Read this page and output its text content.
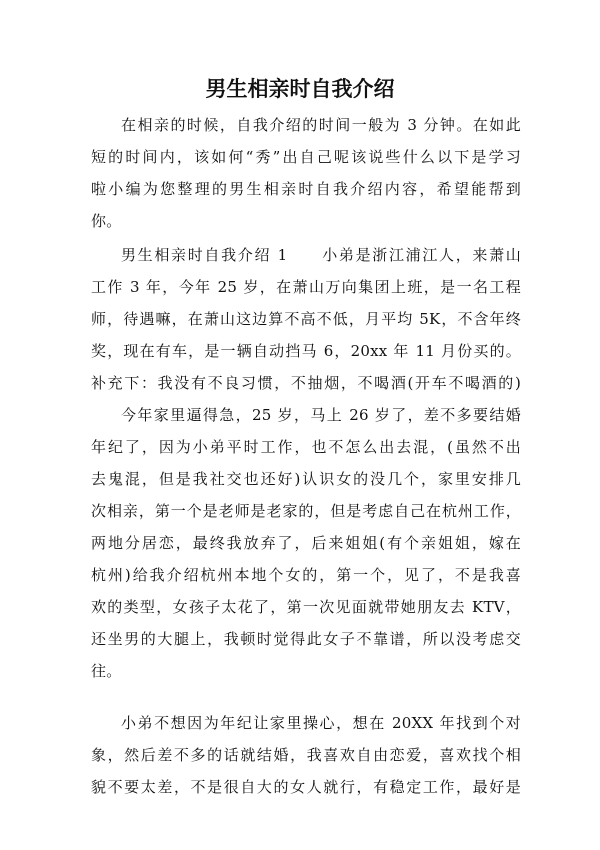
男生相亲时自我介绍
在相亲的时候，自我介绍的时间一般为 3 分钟。在如此
短的时间内，该如何“秀”出自己呢该说些什么以下是学习
啦小编为您整理的男生相亲时自我介绍内容，希望能帮到
你。
男生相亲时自我介绍 1　　小弟是浙江浦江人，来萧山
工作 3 年，今年 25 岁，在萧山万向集团上班，是一名工程
师，待遇嘛，在萧山这边算不高不低，月平均 5K，不含年终
奖，现在有车，是一辆自动挡马 6，20xx 年 11 月份买的。
补充下：我没有不良习惯，不抽烟，不喝酒(开车不喝酒的)
今年家里逼得急，25 岁，马上 26 岁了，差不多要结婚
年纪了，因为小弟平时工作，也不怎么出去混，(虽然不出
去鬼混，但是我社交也还好)认识女的没几个，家里安排几
次相亲，第一个是老师是老家的，但是考虑自己在杭州工作，
两地分居恋，最终我放弃了，后来姐姐(有个亲姐姐，嫁在
杭州)给我介绍杭州本地个女的，第一个，见了，不是我喜
欢的类型，女孩子太花了，第一次见面就带她朋友去 KTV，
还坐男的大腿上，我顿时觉得此女子不靠谱，所以没考虑交
往。
小弟不想因为年纪让家里操心，想在 20XX 年找到个对
象，然后差不多的话就结婚，我喜欢自由恋爱，喜欢找个相
貌不要太差，不是很自大的女人就行，有稳定工作，最好是
